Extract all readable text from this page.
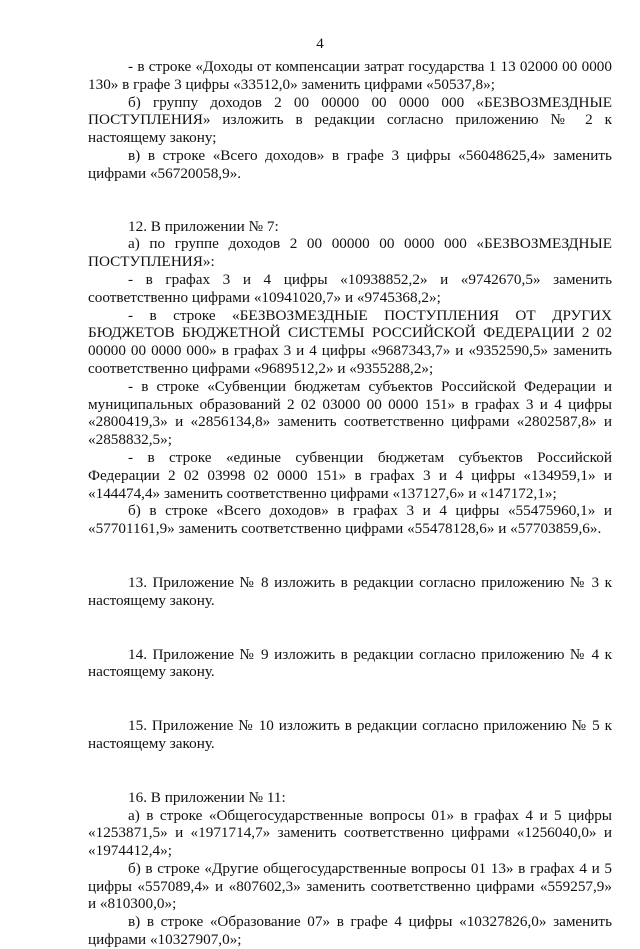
4

- в строке «Доходы от компенсации затрат государства 1 13 02000 00 0000 130» в графе 3 цифры «33512,0» заменить цифрами «50537,8»;

б) группу доходов 2 00 00000 00 0000 000 «БЕЗВОЗМЕЗДНЫЕ ПОСТУПЛЕНИЯ» изложить в редакции согласно приложению № 2 к настоящему закону;

в) в строке «Всего доходов» в графе 3 цифры «56048625,4» заменить цифрами «56720058,9».

12. В приложении № 7:

а) по группе доходов 2 00 00000 00 0000 000 «БЕЗВОЗМЕЗДНЫЕ ПОСТУПЛЕНИЯ»:

- в графах 3 и 4 цифры «10938852,2» и «9742670,5» заменить соответственно цифрами «10941020,7» и «9745368,2»;

- в строке «БЕЗВОЗМЕЗДНЫЕ ПОСТУПЛЕНИЯ ОТ ДРУГИХ БЮДЖЕТОВ БЮДЖЕТНОЙ СИСТЕМЫ РОССИЙСКОЙ ФЕДЕРАЦИИ 2 02 00000 00 0000 000» в графах 3 и 4 цифры «9687343,7» и «9352590,5» заменить соответственно цифрами «9689512,2» и «9355288,2»;

- в строке «Субвенции бюджетам субъектов Российской Федерации и муниципальных образований 2 02 03000 00 0000 151» в графах 3 и 4 цифры «2800419,3» и «2856134,8» заменить соответственно цифрами «2802587,8» и «2858832,5»;

- в строке «единые субвенции бюджетам субъектов Российской Федерации 2 02 03998 02 0000 151» в графах 3 и 4 цифры «134959,1» и «144474,4» заменить соответственно цифрами «137127,6» и «147172,1»;

б) в строке «Всего доходов» в графах 3 и 4 цифры «55475960,1» и «57701161,9» заменить соответственно цифрами «55478128,6» и «57703859,6».

13. Приложение № 8 изложить в редакции согласно приложению № 3 к настоящему закону.

14. Приложение № 9 изложить в редакции согласно приложению № 4 к настоящему закону.

15. Приложение № 10 изложить в редакции согласно приложению № 5 к настоящему закону.

16. В приложении № 11:

а) в строке «Общегосударственные вопросы 01» в графах 4 и 5 цифры «1253871,5» и «1971714,7» заменить соответственно цифрами «1256040,0» и «1974412,4»;

б) в строке «Другие общегосударственные вопросы 01 13» в графах 4 и 5 цифры «557089,4» и «807602,3» заменить соответственно цифрами «559257,9» и «810300,0»;

в) в строке «Образование 07» в графе 4 цифры «10327826,0» заменить цифрами «10327907,0»;
